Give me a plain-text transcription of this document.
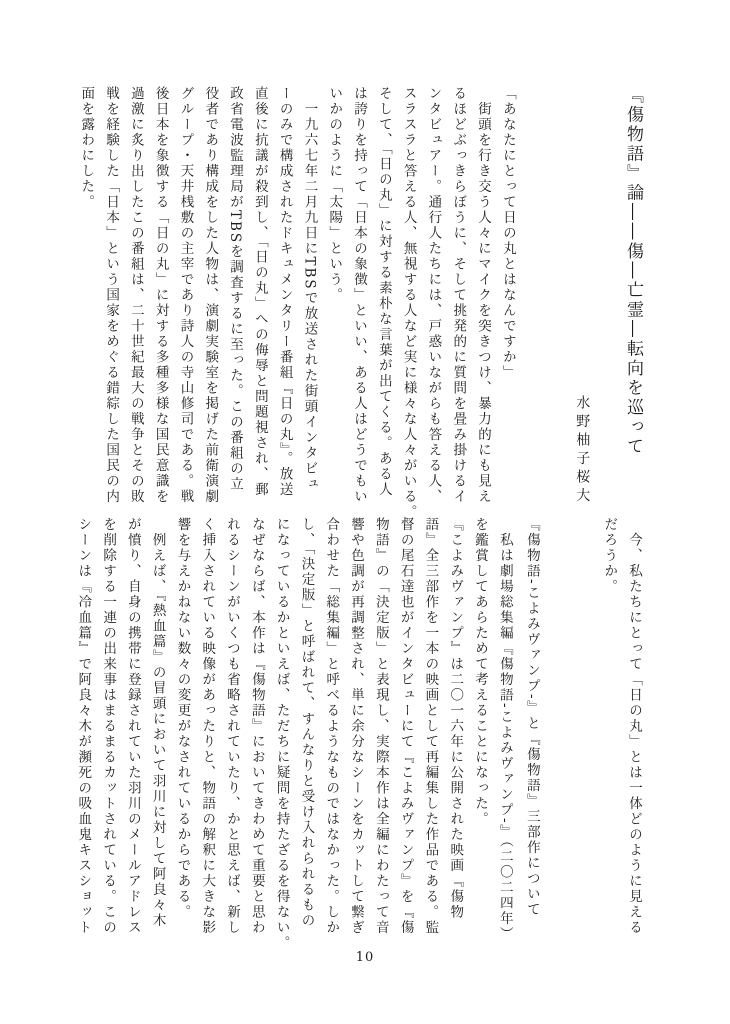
『傷物語』論――傷―亡霊―転向を巡って
水野柚子桜大
「あなたにとって日の丸とはなんですか」
　街頭を行き交う人々にマイクを突きつけ、暴力的にも見え
るほどぶっきらぼうに、そして挑発的に質問を畳み掛けるイ
ンタビュアー。通行人たちには、戸惑いながらも答える人、
スラスラと答える人、無視する人など実に様々な人々がいる。
そして、「日の丸」に対する素朴な言葉が出てくる。ある人
は誇りを持って「日本の象徴」といい、ある人はどうでもい
いかのように「太陽」という。
　一九六七年二月九日にTBSで放送された街頭インタビュ
ーのみで構成されたドキュメンタリー番組『日の丸』。放送
直後に抗議が殺到し、「日の丸」への侮辱と問題視され、郵
政省電波監理局がTBSを調査するに至った。この番組の立
役者であり構成をした人物は、演劇実験室を掲げた前衛演劇
グループ・天井桟敷の主宰であり詩人の寺山修司である。戦
後日本を象徴する「日の丸」に対する多種多様な国民意識を
過激に炙り出したこの番組は、二十世紀最大の戦争とその敗
戦を経験した「日本」という国家をめぐる錯綜した国民の内
面を露わにした。
　今、私たちにとって「日の丸」とは一体どのように見える
だろうか。
『傷物語‐こよみヴァンプ‐』と『傷物語』三部作について
　私は劇場総集編『傷物語‐こよみヴァンプ‐』（二〇二四年）
を鑑賞してあらためて考えることになった。
『こよみヴァンプ』は二〇一六年に公開された映画『傷物
語』全三部作を一本の映画として再編集した作品である。監
督の尾石達也がインタビューにて『こよみヴァンプ』を『傷
物語』の「決定版」と表現し、実際本作は全編にわたって音
響や色調が再調整され、単に余分なシーンをカットして繋ぎ
合わせた「総集編」と呼べるようなものではなかった。しか
し、「決定版」と呼ばれて、すんなりと受け入れられるもの
になっているかといえば、ただちに疑問を持たざるを得ない。
なぜならば、本作は『傷物語』においてきわめて重要と思わ
れるシーンがいくつも省略されていたり、かと思えば、新し
く挿入されている映像があったりと、物語の解釈に大きな影
響を与えかねない数々の変更がなされているからである。
　例えば、『熱血篇』の冒頭において羽川に対して阿良々木
が憤り、自身の携帯に登録されていた羽川のメールアドレス
を削除する一連の出来事はまるまるカットされている。この
シーンは『冷血篇』で阿良々木が瀕死の吸血鬼キスショット
10
